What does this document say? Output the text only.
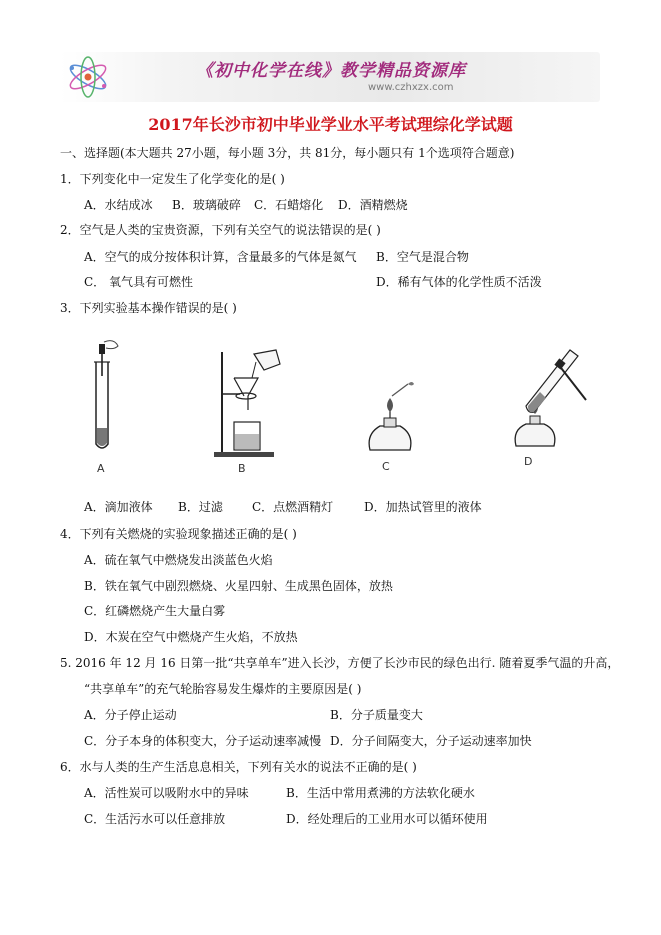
《初中化学在线》教学精品资源库
www.czhxzx.com
2017年长沙市初中毕业学业水平考试理综化学试题
一、选择题(本大题共 27小题，每小题 3分，共 81分，每小题只有 1个选项符合题意)
1．下列变化中一定发生了化学变化的是( )
A．水结成冰 B．玻璃破碎 C．石蜡熔化 D．酒精燃烧
2．空气是人类的宝贵资源，下列有关空气的说法错误的是( )
A．空气的成分按体积计算，含量最多的气体是氮气 B．空气是混合物
C． 氧气具有可燃性	D．稀有气体的化学性质不活泼
3．下列实验基本操作错误的是( )
A	B	C	D
A．滴加液体 B．过滤 C．点燃酒精灯	D．加热试管里的液体
4．下列有关燃烧的实验现象描述正确的是( )
A．硫在氧气中燃烧发出淡蓝色火焰
B．铁在氧气中剧烈燃烧、火星四射、生成黑色固体，放热
C．红磷燃烧产生大量白雾
D．木炭在空气中燃烧产生火焰，不放热
5. 2016 年 12 月 16 日第一批“共享单车”进入长沙，方便了长沙市民的绿色出行. 随着夏季气温的升高，
“共享单车”的充气轮胎容易发生爆炸的主要原因是( )
A．分子停止运动	B．分子质量变大
C．分子本身的体积变大，分子运动速率减慢 D．分子间隔变大，分子运动速率加快
6．水与人类的生产生活息息相关，下列有关水的说法不正确的是( )
A．活性炭可以吸附水中的异味	B．生活中常用煮沸的方法软化硬水
C．生活污水可以任意排放	D．经处理后的工业用水可以循环使用
